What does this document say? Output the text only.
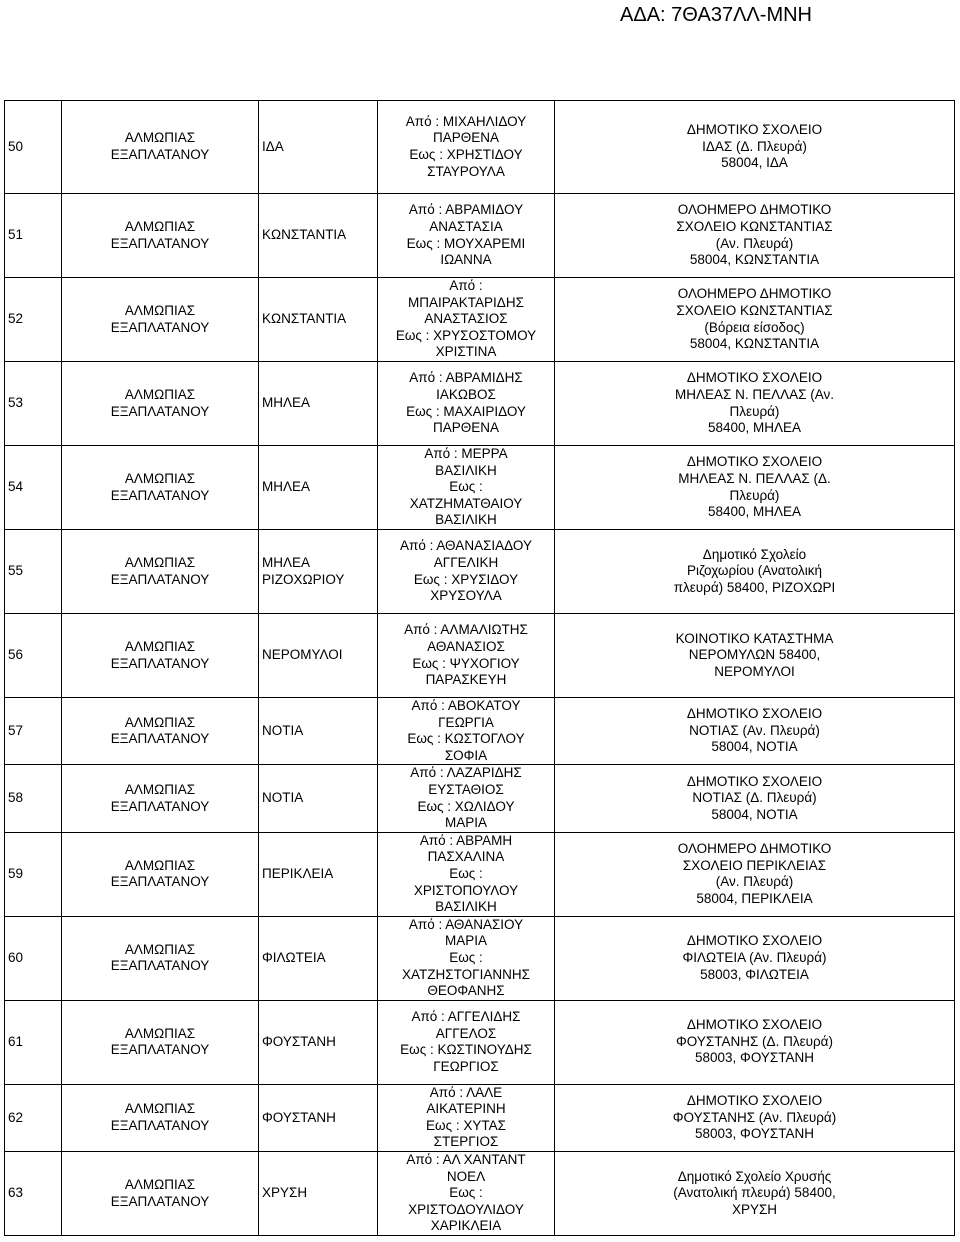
ΑΔΑ: 7ΘΑ37ΛΛ-ΜΝΗ
50	ΑΛΜΩΠΙΑΣ
ΕΞΑΠΛΑΤΑΝΟΥ	ΙΔΑ	Από : ΜΙΧΑΗΛΙΔΟΥ
ΠΑΡΘΕΝΑ
Εως : ΧΡΗΣΤΙΔΟΥ
ΣΤΑΥΡΟΥΛΑ	ΔΗΜΟΤΙΚΟ ΣΧΟΛΕΙΟ
ΙΔΑΣ (Δ. Πλευρά)
58004, ΙΔΑ
51	ΑΛΜΩΠΙΑΣ
ΕΞΑΠΛΑΤΑΝΟΥ	ΚΩΝΣΤΑΝΤΙΑ	Από : ΑΒΡΑΜΙΔΟΥ
ΑΝΑΣΤΑΣΙΑ
Εως : ΜΟΥΧΑΡΕΜΙ
ΙΩΑΝΝΑ	ΟΛΟΗΜΕΡΟ ΔΗΜΟΤΙΚΟ
ΣΧΟΛΕΙΟ ΚΩΝΣΤΑΝΤΙΑΣ
(Αν. Πλευρά)
58004, ΚΩΝΣΤΑΝΤΙΑ
52	ΑΛΜΩΠΙΑΣ
ΕΞΑΠΛΑΤΑΝΟΥ	ΚΩΝΣΤΑΝΤΙΑ	Από :
ΜΠΑΙΡΑΚΤΑΡΙΔΗΣ
ΑΝΑΣΤΑΣΙΟΣ
Εως : ΧΡΥΣΟΣΤΟΜΟΥ
ΧΡΙΣΤΙΝΑ	ΟΛΟΗΜΕΡΟ ΔΗΜΟΤΙΚΟ
ΣΧΟΛΕΙΟ ΚΩΝΣΤΑΝΤΙΑΣ
(Βόρεια είσοδος)
58004, ΚΩΝΣΤΑΝΤΙΑ
53	ΑΛΜΩΠΙΑΣ
ΕΞΑΠΛΑΤΑΝΟΥ	ΜΗΛΕΑ	Από : ΑΒΡΑΜΙΔΗΣ
ΙΑΚΩΒΟΣ
Εως : ΜΑΧΑΙΡΙΔΟΥ
ΠΑΡΘΕΝΑ	ΔΗΜΟΤΙΚΟ ΣΧΟΛΕΙΟ
ΜΗΛΕΑΣ Ν. ΠΕΛΛΑΣ (Αν.
Πλευρά)
58400, ΜΗΛΕΑ
54	ΑΛΜΩΠΙΑΣ
ΕΞΑΠΛΑΤΑΝΟΥ	ΜΗΛΕΑ	Από : ΜΕΡΡΑ
ΒΑΣΙΛΙΚΗ
Εως :
ΧΑΤΖΗΜΑΤΘΑΙΟΥ
ΒΑΣΙΛΙΚΗ	ΔΗΜΟΤΙΚΟ ΣΧΟΛΕΙΟ
ΜΗΛΕΑΣ Ν. ΠΕΛΛΑΣ (Δ.
Πλευρά)
58400, ΜΗΛΕΑ
55	ΑΛΜΩΠΙΑΣ
ΕΞΑΠΛΑΤΑΝΟΥ	ΜΗΛΕΑ
ΡΙΖΟΧΩΡΙΟΥ	Από : ΑΘΑΝΑΣΙΑΔΟΥ
ΑΓΓΕΛΙΚΗ
Εως : ΧΡΥΣΙΔΟΥ
ΧΡΥΣΟΥΛΑ	Δημοτικό Σχολείο
Ριζοχωρίου (Ανατολική
πλευρά) 58400, ΡΙΖΟΧΩΡΙ
56	ΑΛΜΩΠΙΑΣ
ΕΞΑΠΛΑΤΑΝΟΥ	ΝΕΡΟΜΥΛΟΙ	Από : ΑΛΜΑΛΙΩΤΗΣ
ΑΘΑΝΑΣΙΟΣ
Εως : ΨΥΧΟΓΙΟΥ
ΠΑΡΑΣΚΕΥΗ	ΚΟΙΝΟΤΙΚΟ ΚΑΤΑΣΤΗΜΑ
ΝΕΡΟΜΥΛΩΝ 58400,
ΝΕΡΟΜΥΛΟΙ
57	ΑΛΜΩΠΙΑΣ
ΕΞΑΠΛΑΤΑΝΟΥ	ΝΟΤΙΑ	Από : ΑΒΟΚΑΤΟΥ
ΓΕΩΡΓΙΑ
Εως : ΚΩΣΤΟΓΛΟΥ
ΣΟΦΙΑ	ΔΗΜΟΤΙΚΟ ΣΧΟΛΕΙΟ
ΝΟΤΙΑΣ (Αν. Πλευρά)
58004, ΝΟΤΙΑ
58	ΑΛΜΩΠΙΑΣ
ΕΞΑΠΛΑΤΑΝΟΥ	ΝΟΤΙΑ	Από : ΛΑΖΑΡΙΔΗΣ
ΕΥΣΤΑΘΙΟΣ
Εως : ΧΩΛΙΔΟΥ
ΜΑΡΙΑ	ΔΗΜΟΤΙΚΟ ΣΧΟΛΕΙΟ
ΝΟΤΙΑΣ (Δ. Πλευρά)
58004, ΝΟΤΙΑ
59	ΑΛΜΩΠΙΑΣ
ΕΞΑΠΛΑΤΑΝΟΥ	ΠΕΡΙΚΛΕΙΑ	Από : ΑΒΡΑΜΗ
ΠΑΣΧΑΛΙΝΑ
Εως :
ΧΡΙΣΤΟΠΟΥΛΟΥ
ΒΑΣΙΛΙΚΗ	ΟΛΟΗΜΕΡΟ ΔΗΜΟΤΙΚΟ
ΣΧΟΛΕΙΟ ΠΕΡΙΚΛΕΙΑΣ
(Αν. Πλευρά)
58004, ΠΕΡΙΚΛΕΙΑ
60	ΑΛΜΩΠΙΑΣ
ΕΞΑΠΛΑΤΑΝΟΥ	ΦΙΛΩΤΕΙΑ	Από : ΑΘΑΝΑΣΙΟΥ
ΜΑΡΙΑ
Εως :
ΧΑΤΖΗΣΤΟΓΙΑΝΝΗΣ
ΘΕΟΦΑΝΗΣ	ΔΗΜΟΤΙΚΟ ΣΧΟΛΕΙΟ
ΦΙΛΩΤΕΙΑ (Αν. Πλευρά)
58003, ΦΙΛΩΤΕΙΑ
61	ΑΛΜΩΠΙΑΣ
ΕΞΑΠΛΑΤΑΝΟΥ	ΦΟΥΣΤΑΝΗ	Από : ΑΓΓΕΛΙΔΗΣ
ΑΓΓΕΛΟΣ
Εως : ΚΩΣΤΙΝΟΥΔΗΣ
ΓΕΩΡΓΙΟΣ	ΔΗΜΟΤΙΚΟ ΣΧΟΛΕΙΟ
ΦΟΥΣΤΑΝΗΣ (Δ. Πλευρά)
58003, ΦΟΥΣΤΑΝΗ
62	ΑΛΜΩΠΙΑΣ
ΕΞΑΠΛΑΤΑΝΟΥ	ΦΟΥΣΤΑΝΗ	Από : ΛΑΛΕ
ΑΙΚΑΤΕΡΙΝΗ
Εως : ΧΥΤΑΣ
ΣΤΕΡΓΙΟΣ	ΔΗΜΟΤΙΚΟ ΣΧΟΛΕΙΟ
ΦΟΥΣΤΑΝΗΣ (Αν. Πλευρά)
58003, ΦΟΥΣΤΑΝΗ
63	ΑΛΜΩΠΙΑΣ
ΕΞΑΠΛΑΤΑΝΟΥ	ΧΡΥΣΗ	Από : ΑΛ ΧΑΝΤΑΝΤ
ΝΟΕΛ
Εως :
ΧΡΙΣΤΟΔΟΥΛΙΔΟΥ
ΧΑΡΙΚΛΕΙΑ	Δημοτικό Σχολείο Χρυσής
(Ανατολική πλευρά) 58400,
ΧΡΥΣΗ
